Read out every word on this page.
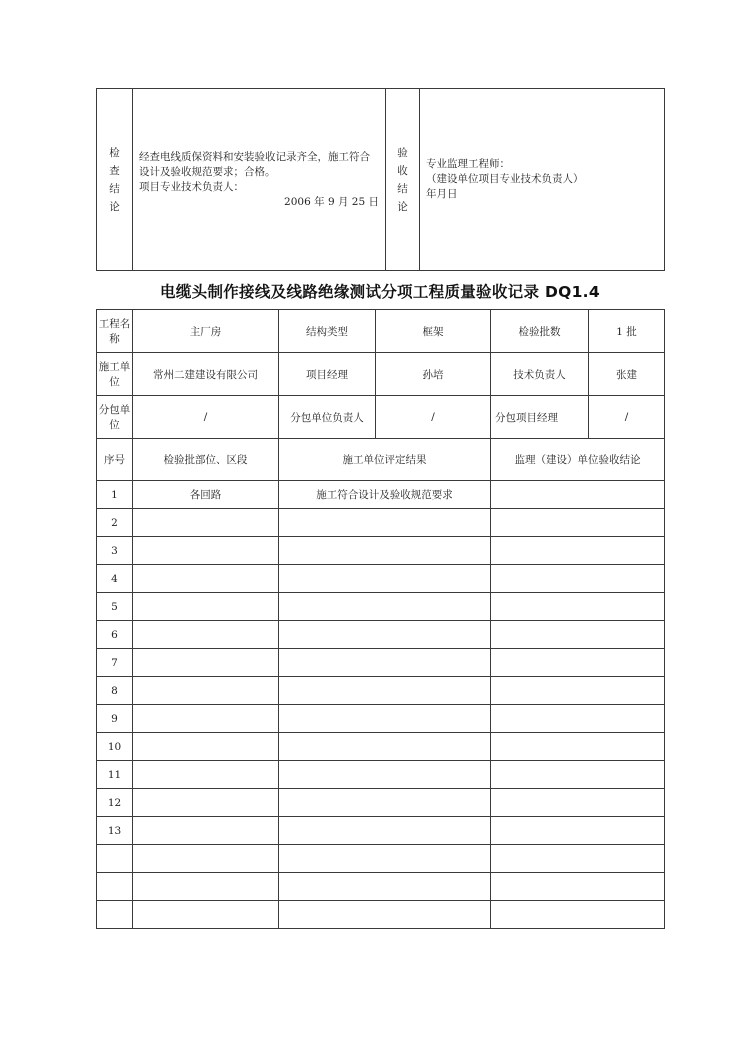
检
查
结
论

经查电线质保资料和安装验收记录齐全，施工符合
设计及验收规范要求；合格。
项目专业技术负责人：
2006 年 9 月 25 日

验
收
结
论

专业监理工程师：
（建设单位项目专业技术负责人）
年月日
电缆头制作接线及线路绝缘测试分项工程质量验收记录 DQ1.4
工程名称	主厂房	结构类型	框架	检验批数	1 批
施工单位	常州二建建设有限公司	项目经理	孙培	技术负责人	张建
分包单位	/	分包单位负责人	/	分包项目经理	/
序号	检验批部位、区段	施工单位评定结果	监理（建设）单位验收结论
1	各回路	施工符合设计及验收规范要求	
2			
3			
4			
5			
6			
7			
8			
9			
10			
11			
12			
13			
